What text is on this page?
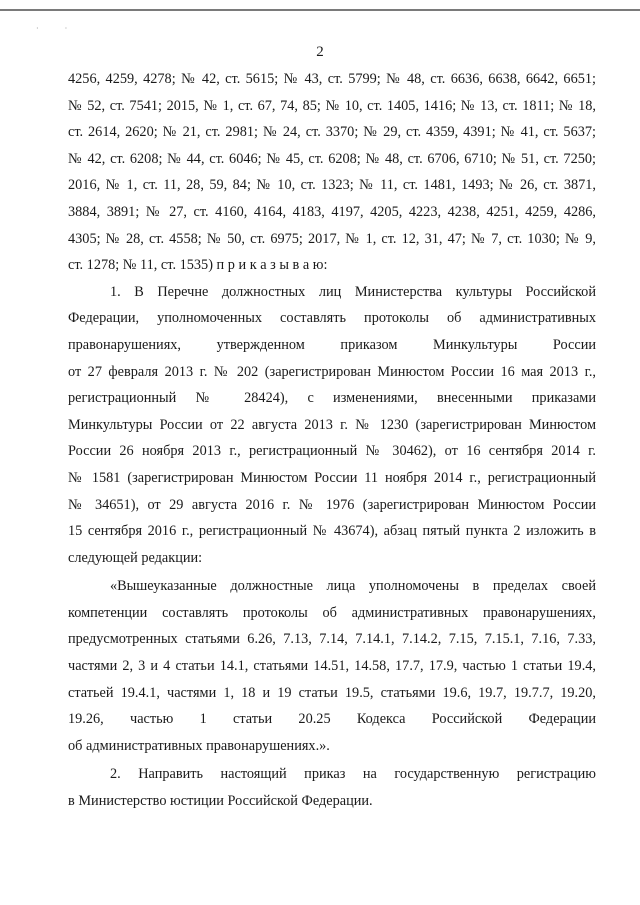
· ·
2
4256, 4259, 4278; № 42, ст. 5615; № 43, ст. 5799; № 48, ст. 6636, 6638, 6642, 6651;
№ 52, ст. 7541; 2015, № 1, ст. 67, 74, 85; № 10, ст. 1405, 1416; № 13, ст. 1811; № 18,
ст. 2614, 2620; № 21, ст. 2981; № 24, ст. 3370; № 29, ст. 4359, 4391; № 41, ст. 5637;
№ 42, ст. 6208; № 44, ст. 6046; № 45, ст. 6208; № 48, ст. 6706, 6710; № 51, ст. 7250;
2016, № 1, ст. 11, 28, 59, 84; № 10, ст. 1323; № 11, ст. 1481, 1493; № 26, ст. 3871,
3884, 3891; № 27, ст. 4160, 4164, 4183, 4197, 4205, 4223, 4238, 4251, 4259, 4286,
4305; № 28, ст. 4558; № 50, ст. 6975; 2017, № 1, ст. 12, 31, 47; № 7, ст. 1030; № 9,
ст. 1278; № 11, ст. 1535) п р и к а з ы в а ю:
1. В Перечне должностных лиц Министерства культуры Российской
Федерации, уполномоченных составлять протоколы об административных
правонарушениях, утвержденном приказом Минкультуры России
от 27 февраля 2013 г. № 202 (зарегистрирован Минюстом России 16 мая 2013 г.,
регистрационный № 28424), с изменениями, внесенными приказами
Минкультуры России от 22 августа 2013 г. № 1230 (зарегистрирован Минюстом
России 26 ноября 2013 г., регистрационный № 30462), от 16 сентября 2014 г.
№ 1581 (зарегистрирован Минюстом России 11 ноября 2014 г., регистрационный
№ 34651), от 29 августа 2016 г. № 1976 (зарегистрирован Минюстом России
15 сентября 2016 г., регистрационный № 43674), абзац пятый пункта 2 изложить в
следующей редакции:
«Вышеуказанные должностные лица уполномочены в пределах своей
компетенции составлять протоколы об административных правонарушениях,
предусмотренных статьями 6.26, 7.13, 7.14, 7.14.1, 7.14.2, 7.15, 7.15.1, 7.16, 7.33,
частями 2, 3 и 4 статьи 14.1, статьями 14.51, 14.58, 17.7, 17.9, частью 1 статьи 19.4,
статьей 19.4.1, частями 1, 18 и 19 статьи 19.5, статьями 19.6, 19.7, 19.7.7, 19.20,
19.26, частью 1 статьи 20.25 Кодекса Российской Федерации
об административных правонарушениях.».
2. Направить настоящий приказ на государственную регистрацию
в Министерство юстиции Российской Федерации.
